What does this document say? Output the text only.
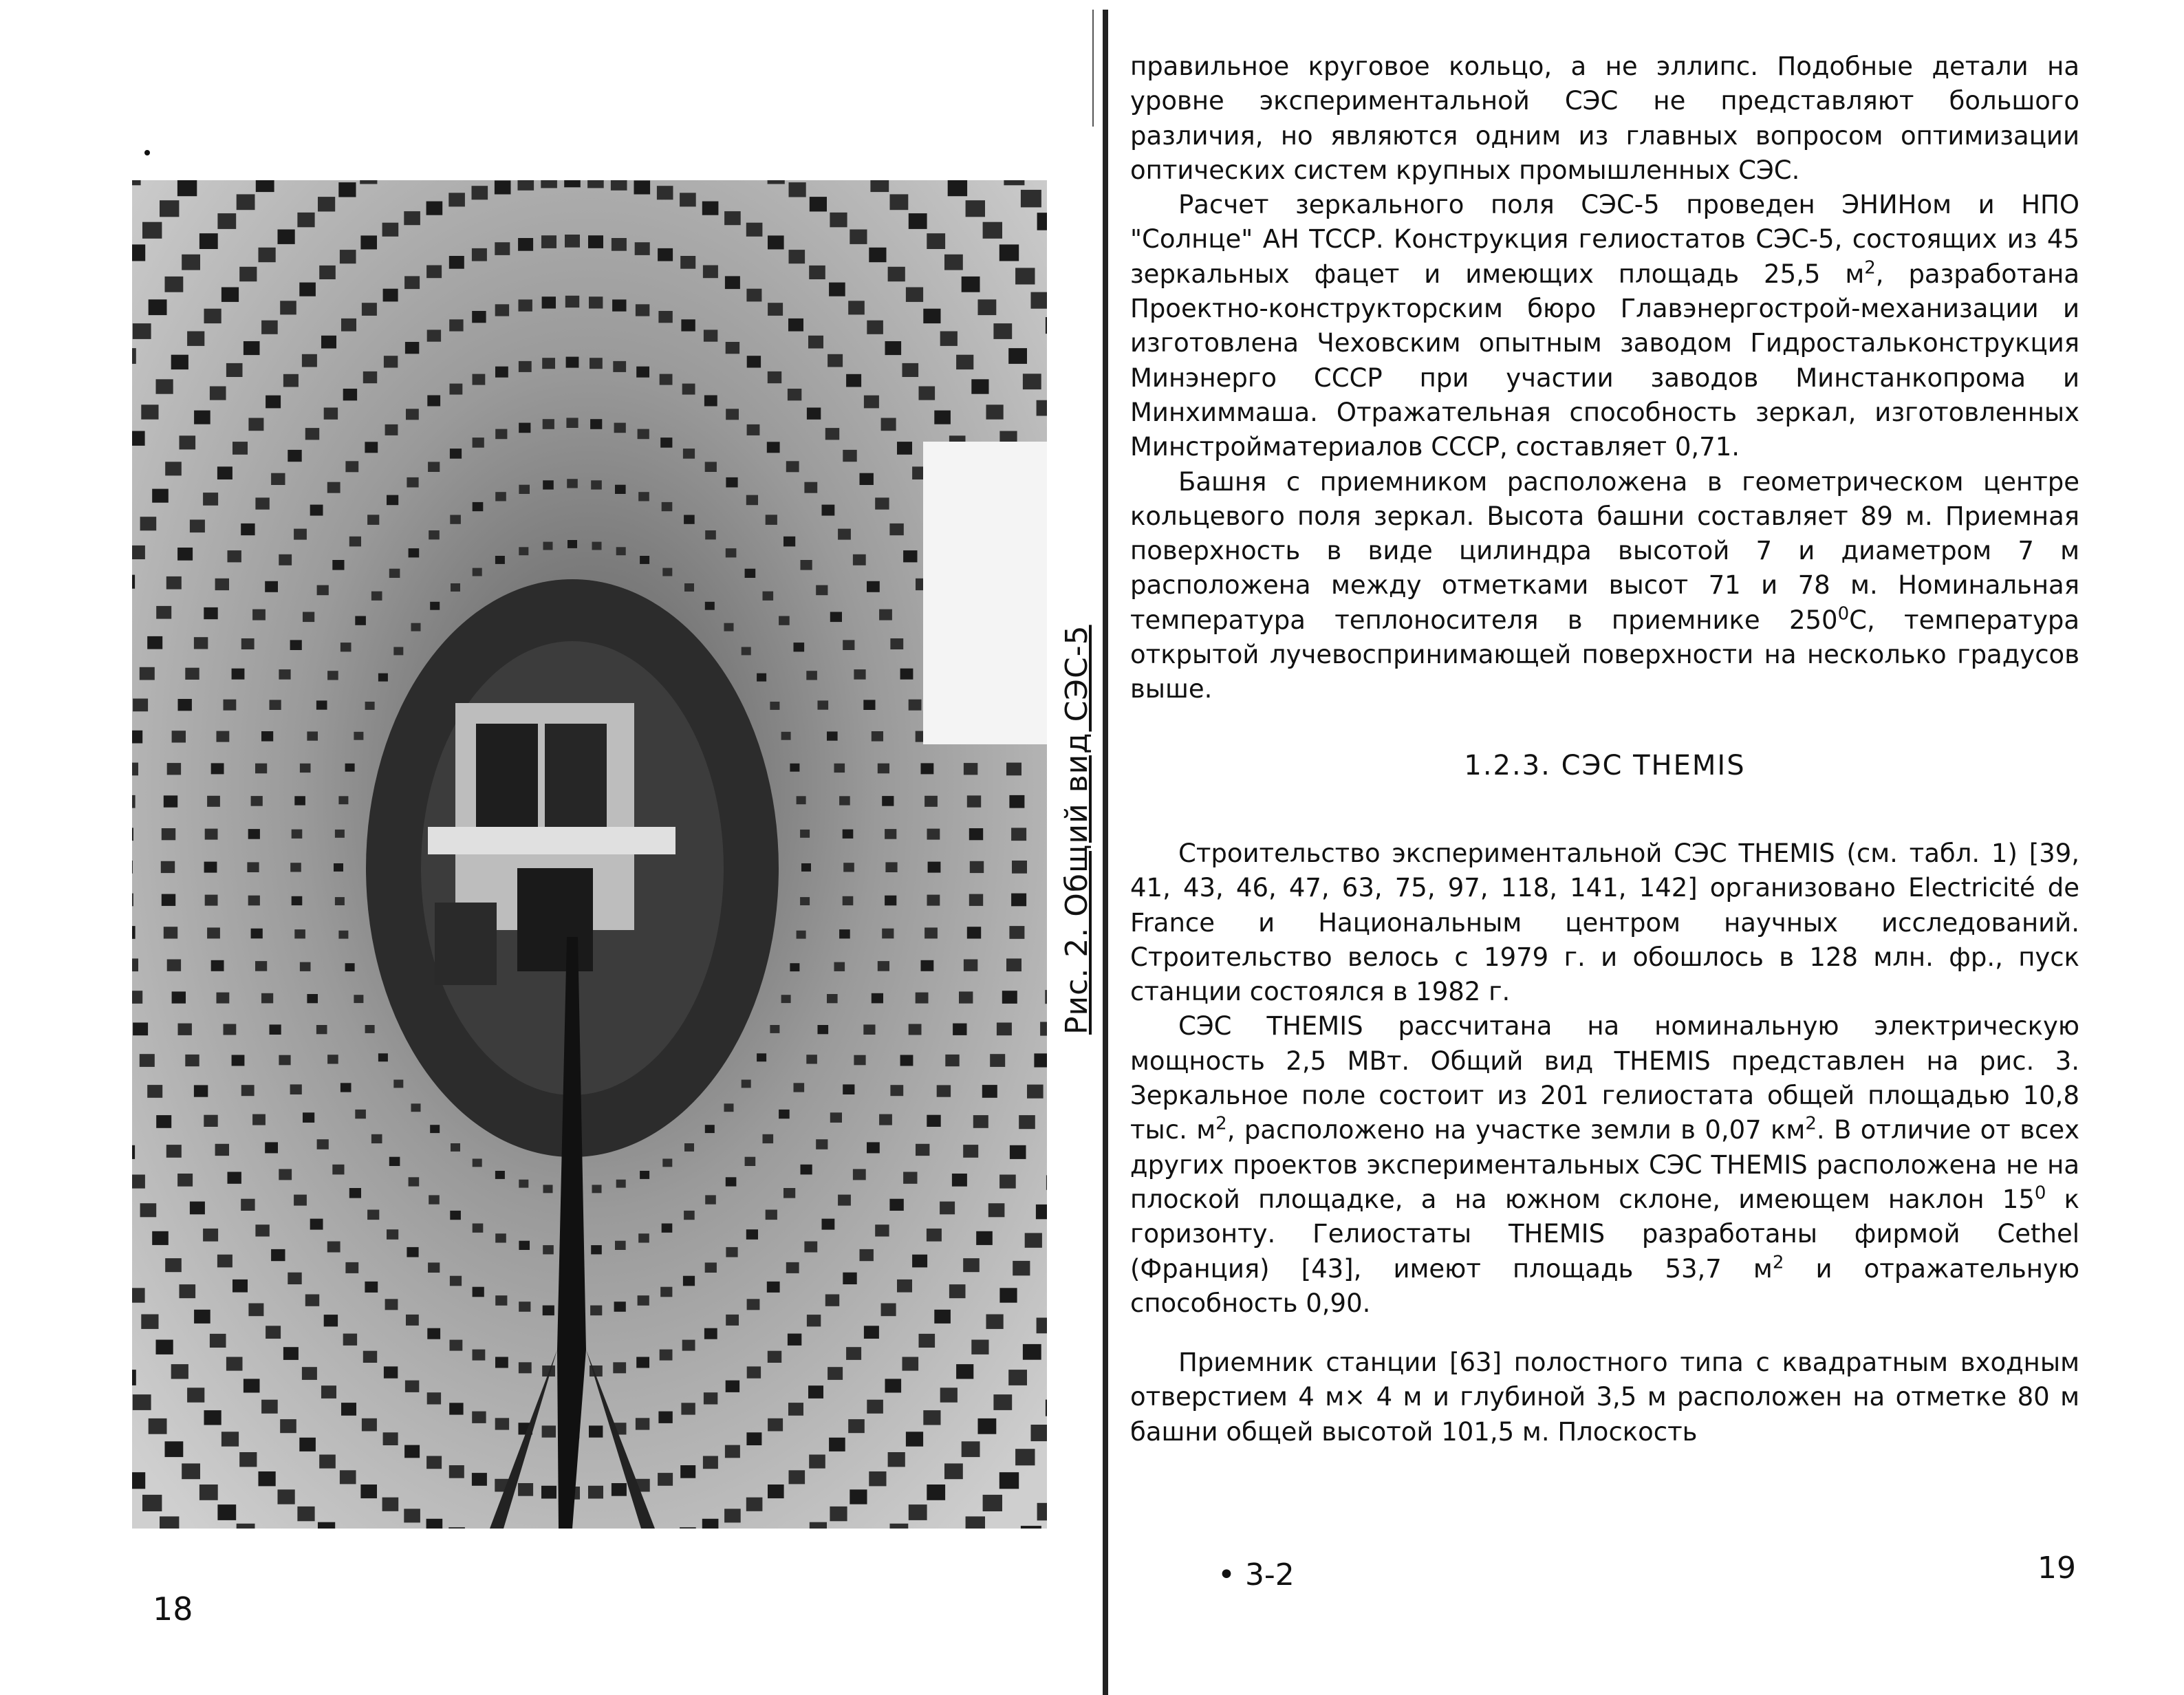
Рис. 2. Общий вид СЭС-5
18

правильное круговое кольцо, а не эллипс. Подобные детали на уровне экспериментальной СЭС не представляют большого различия, но являются одним из главных вопросом оптимизации оптических систем крупных промышленных СЭС.

Расчет зеркального поля СЭС-5 проведен ЭНИНом и НПО "Солнце" АН ТССР. Конструкция гелиостатов СЭС-5, состоящих из 45 зеркальных фацет и имеющих площадь 25,5 $м^2$, разработана Проектно-конструкторским бюро Главэнергострой-механизации и изготовлена Чеховским опытным заводом Гидростальконструкция Минэнерго СССР при участии заводов Минстанкопрома и Минхиммаша. Отражательная способность зеркал, изготовленных Минстройматериалов СССР, составляет 0,71.

Башня с приемником расположена в геометрическом центре кольцевого поля зеркал. Высота башни составляет 89 м. Приемная поверхность в виде цилиндра высотой 7 и диаметром 7 м расположена между отметками высот 71 и 78 м. Номинальная температура теплоносителя в приемнике $250^0С$, температура открытой лучевоспринимающей поверхности на несколько градусов выше.

1.2.3. СЭС THEMIS

Строительство экспериментальной СЭС THEMIS (см. табл. 1) [39, 41, 43, 46, 47, 63, 75, 97, 118, 141, 142] организовано Electricité de France и Национальным центром научных исследований. Строительство велось с 1979 г. и обошлось в 128 млн. фр., пуск станции состоялся в 1982 г.

СЭС THEMIS рассчитана на номинальную электрическую мощность 2,5 МВт. Общий вид THEMIS представлен на рис. 3. Зеркальное поле состоит из 201 гелиостата общей площадью 10,8 тыс. $м^2$, расположено на участке земли в 0,07 $км^2$. В отличие от всех других проектов экспериментальных СЭС THEMIS расположена не на плоской площадке, а на южном склоне, имеющем наклон $15^0$ к горизонту. Гелиостаты THEMIS разработаны фирмой Cethel (Франция) [43], имеют площадь 53,7 $м^2$ и отражательную способность 0,90.

Приемник станции [63] полостного типа с квадратным входным отверстием 4 м× 4 м и глубиной 3,5 м расположен на отметке 80 м башни общей высотой 101,5 м. Плоскость

• 3-2	19
